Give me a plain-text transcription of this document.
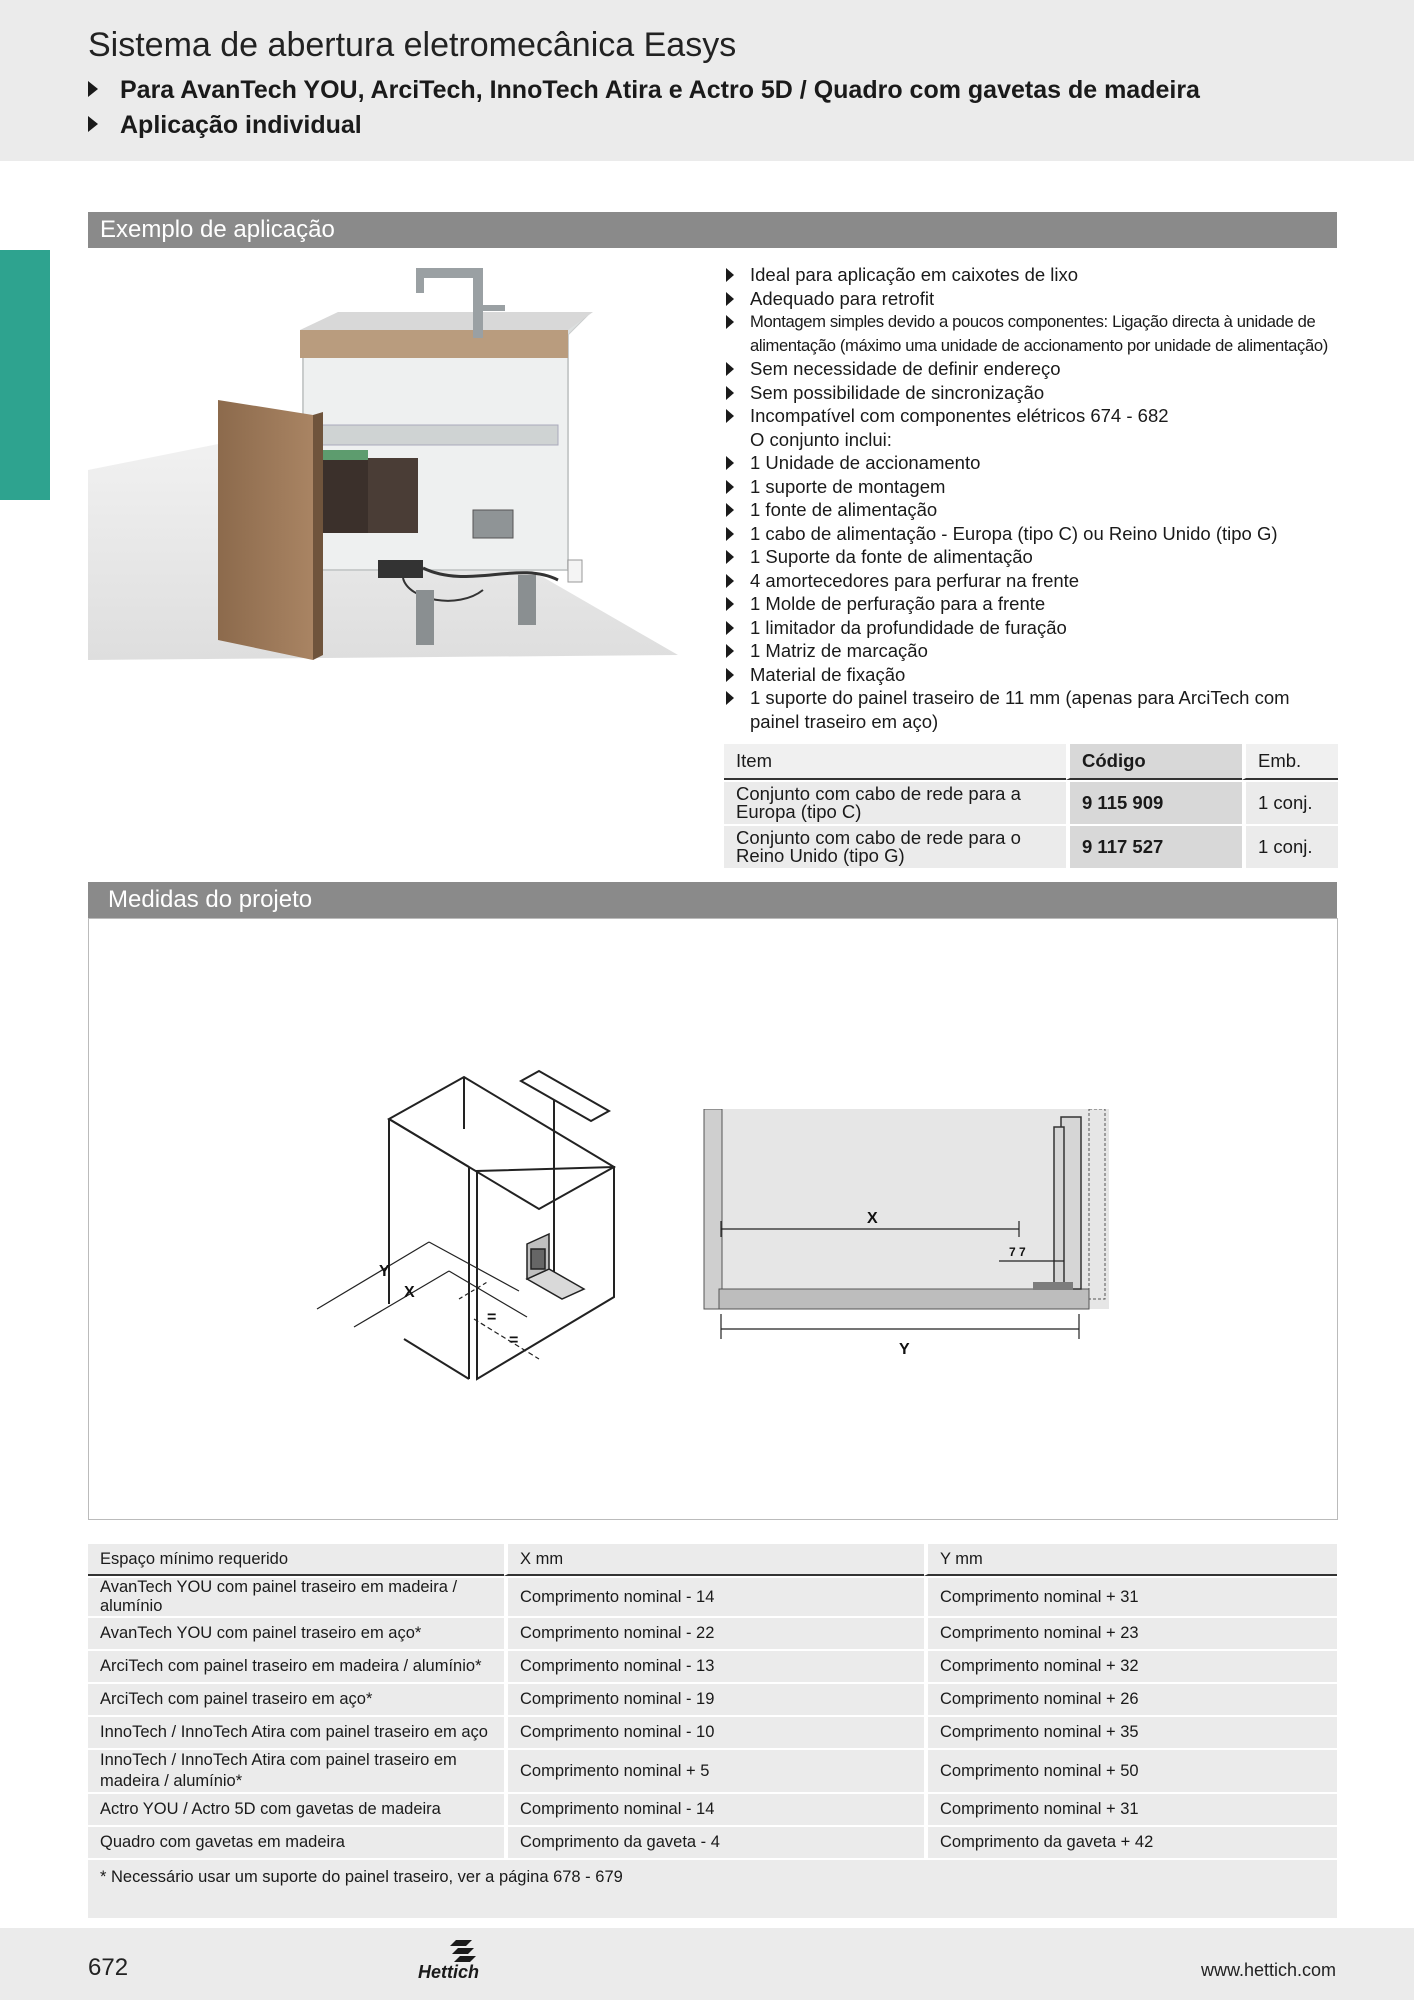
Sistema de abertura eletromecânica Easys
Para AvanTech YOU, ArciTech, InnoTech Atira e Actro 5D / Quadro com gavetas de madeira
Aplicação individual
Exemplo de aplicação
Ideal para aplicação em caixotes de lixo
Adequado para retrofit
Montagem simples devido a poucos componentes: Ligação directa à unidade de alimentação (máximo uma unidade de accionamento por unidade de alimentação)
Sem necessidade de definir endereço
Sem possibilidade de sincronização
Incompatível com componentes elétricos 674 - 682
O conjunto inclui:
1 Unidade de accionamento
1 suporte de montagem
1 fonte de alimentação
1 cabo de alimentação - Europa (tipo C) ou Reino Unido (tipo G)
1 Suporte da fonte de alimentação
4 amortecedores para perfurar na frente
1 Molde de perfuração para a frente
1 limitador da profundidade de furação
1 Matriz de marcação
Material de fixação
1 suporte do painel traseiro de 11 mm (apenas para ArciTech com painel traseiro em aço)
Item	Código	Emb.
Conjunto com cabo de rede para a Europa (tipo C)	9 115 909	1 conj.
Conjunto com cabo de rede para o Reino Unido (tipo G)	9 117 527	1 conj.
Medidas do projeto
Y
X
=
=
X
Y
7 7
Espaço mínimo requerido	X mm	Y mm
AvanTech YOU com painel traseiro em madeira / alumínio	Comprimento nominal - 14	Comprimento nominal + 31
AvanTech YOU com painel traseiro em aço*	Comprimento nominal - 22	Comprimento nominal + 23
ArciTech com painel traseiro em madeira / alumínio*	Comprimento nominal - 13	Comprimento nominal + 32
ArciTech com painel traseiro em aço*	Comprimento nominal - 19	Comprimento nominal + 26
InnoTech / InnoTech Atira com painel traseiro em aço	Comprimento nominal - 10	Comprimento nominal + 35
InnoTech / InnoTech Atira com painel traseiro em madeira / alumínio*	Comprimento nominal + 5	Comprimento nominal + 50
Actro YOU / Actro 5D com gavetas de madeira	Comprimento nominal - 14	Comprimento nominal + 31
Quadro com gavetas em madeira	Comprimento da gaveta - 4	Comprimento da gaveta + 42
* Necessário usar um suporte do painel traseiro, ver a página 678 - 679		
672	Hettich	www.hettich.com
